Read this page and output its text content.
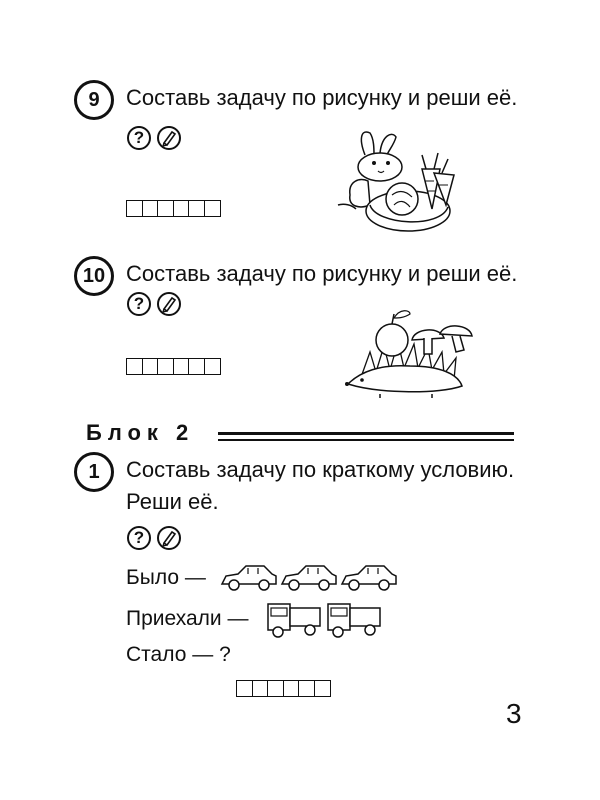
9 Составь задачу по рисунку и реши её.
?
10 Составь задачу по рисунку и реши её.
?
Блок 2
1 Составь задачу по краткому условию.
Реши её.
?
Было —
Приехали —
Стало — ?
3
